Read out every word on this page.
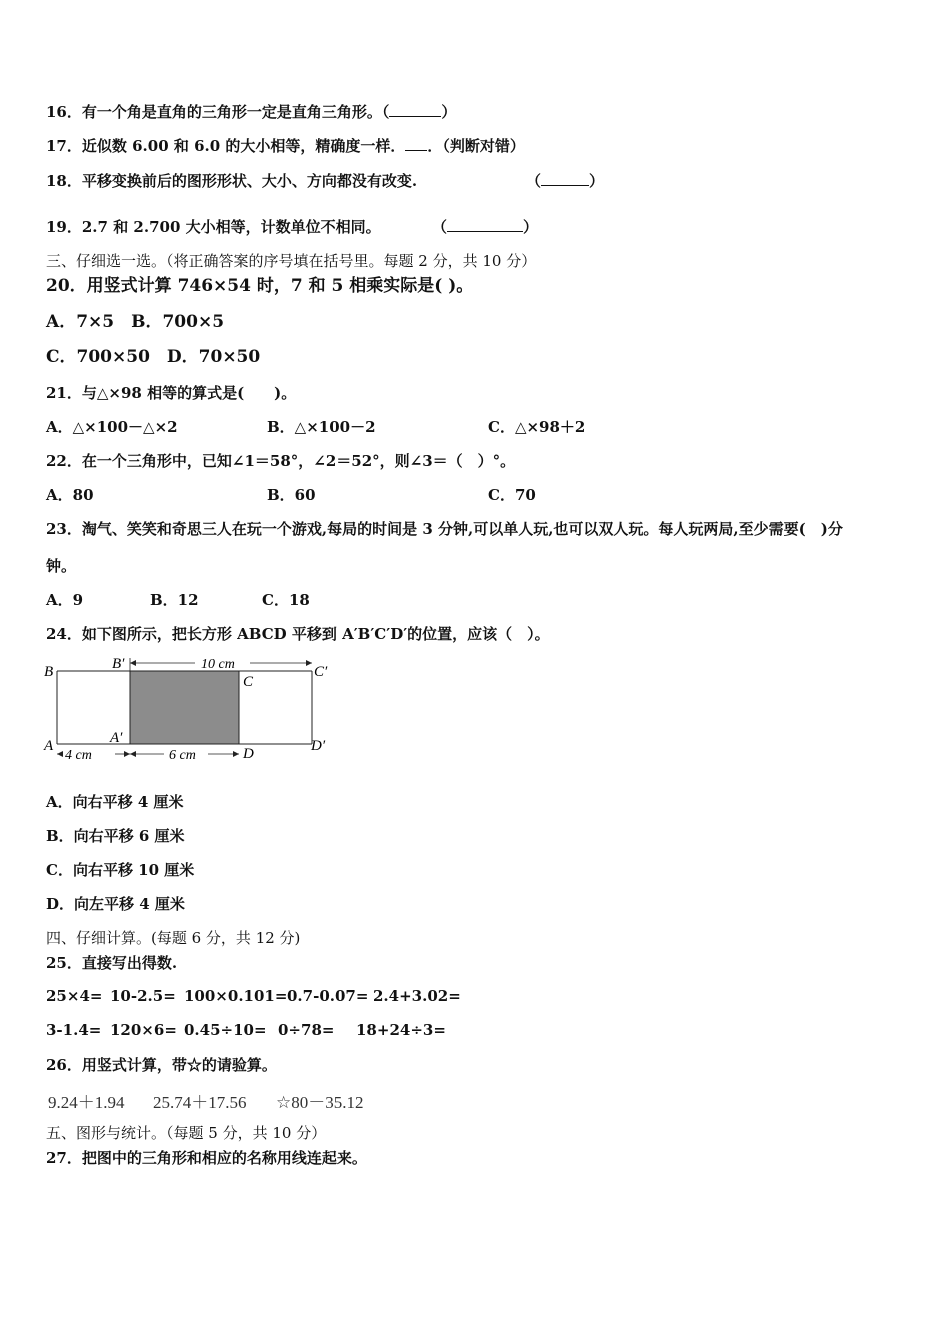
16．有一个角是直角的三角形一定是直角三角形。（	）
17．近似数 6.00 和 6.0 的大小相等，精确度一样． ．（判断对错）
18．平移变换前后的图形形状、大小、方向都没有改变.	（	）
19．2.7 和 2.700 大小相等，计数单位不相同。	（	）
三、仔细选一选。（将正确答案的序号填在括号里。每题 2 分，共 10 分）
20．用竖式计算 746×54 时，7 和 5 相乘实际是( )。
A．7×5　B．700×5
C．700×50　D．70×50
21．与△×98 相等的算式是(　　)。
A．△×100－△×2	B．△×100－2	C．△×98＋2
22．在一个三角形中，已知∠1＝58°，∠2＝52°，则∠3＝（　）°。
A．80	B．60	C．70
23．淘气、笑笑和奇思三人在玩一个游戏,每局的时间是 3 分钟,可以单人玩,也可以双人玩。每人玩两局,至少需要(　)分
钟。
A．9	B．12	C．18
24．如下图所示，把长方形 ABCD 平移到 A′B′C′D′的位置，应该（　）。
10 cm
4 cm	6 cm
B	B′
C
C′
A	A′
D	D′
A．向右平移 4 厘米
B．向右平移 6 厘米
C．向右平移 10 厘米
D．向左平移 4 厘米
四、仔细计算。(每题 6 分，共 12 分)
25．直接写出得数.
25×4= 10-2.5= 100×0.101= 0.7-0.07= 2.4+3.02=
3-1.4= 120×6= 0.45÷10= 0÷78= 18+24÷3=
26．用竖式计算，带☆的请验算。
9.24＋1.94 25.74＋17.56 ☆80－35.12
五、图形与统计。（每题 5 分，共 10 分）
27．把图中的三角形和相应的名称用线连起来。
